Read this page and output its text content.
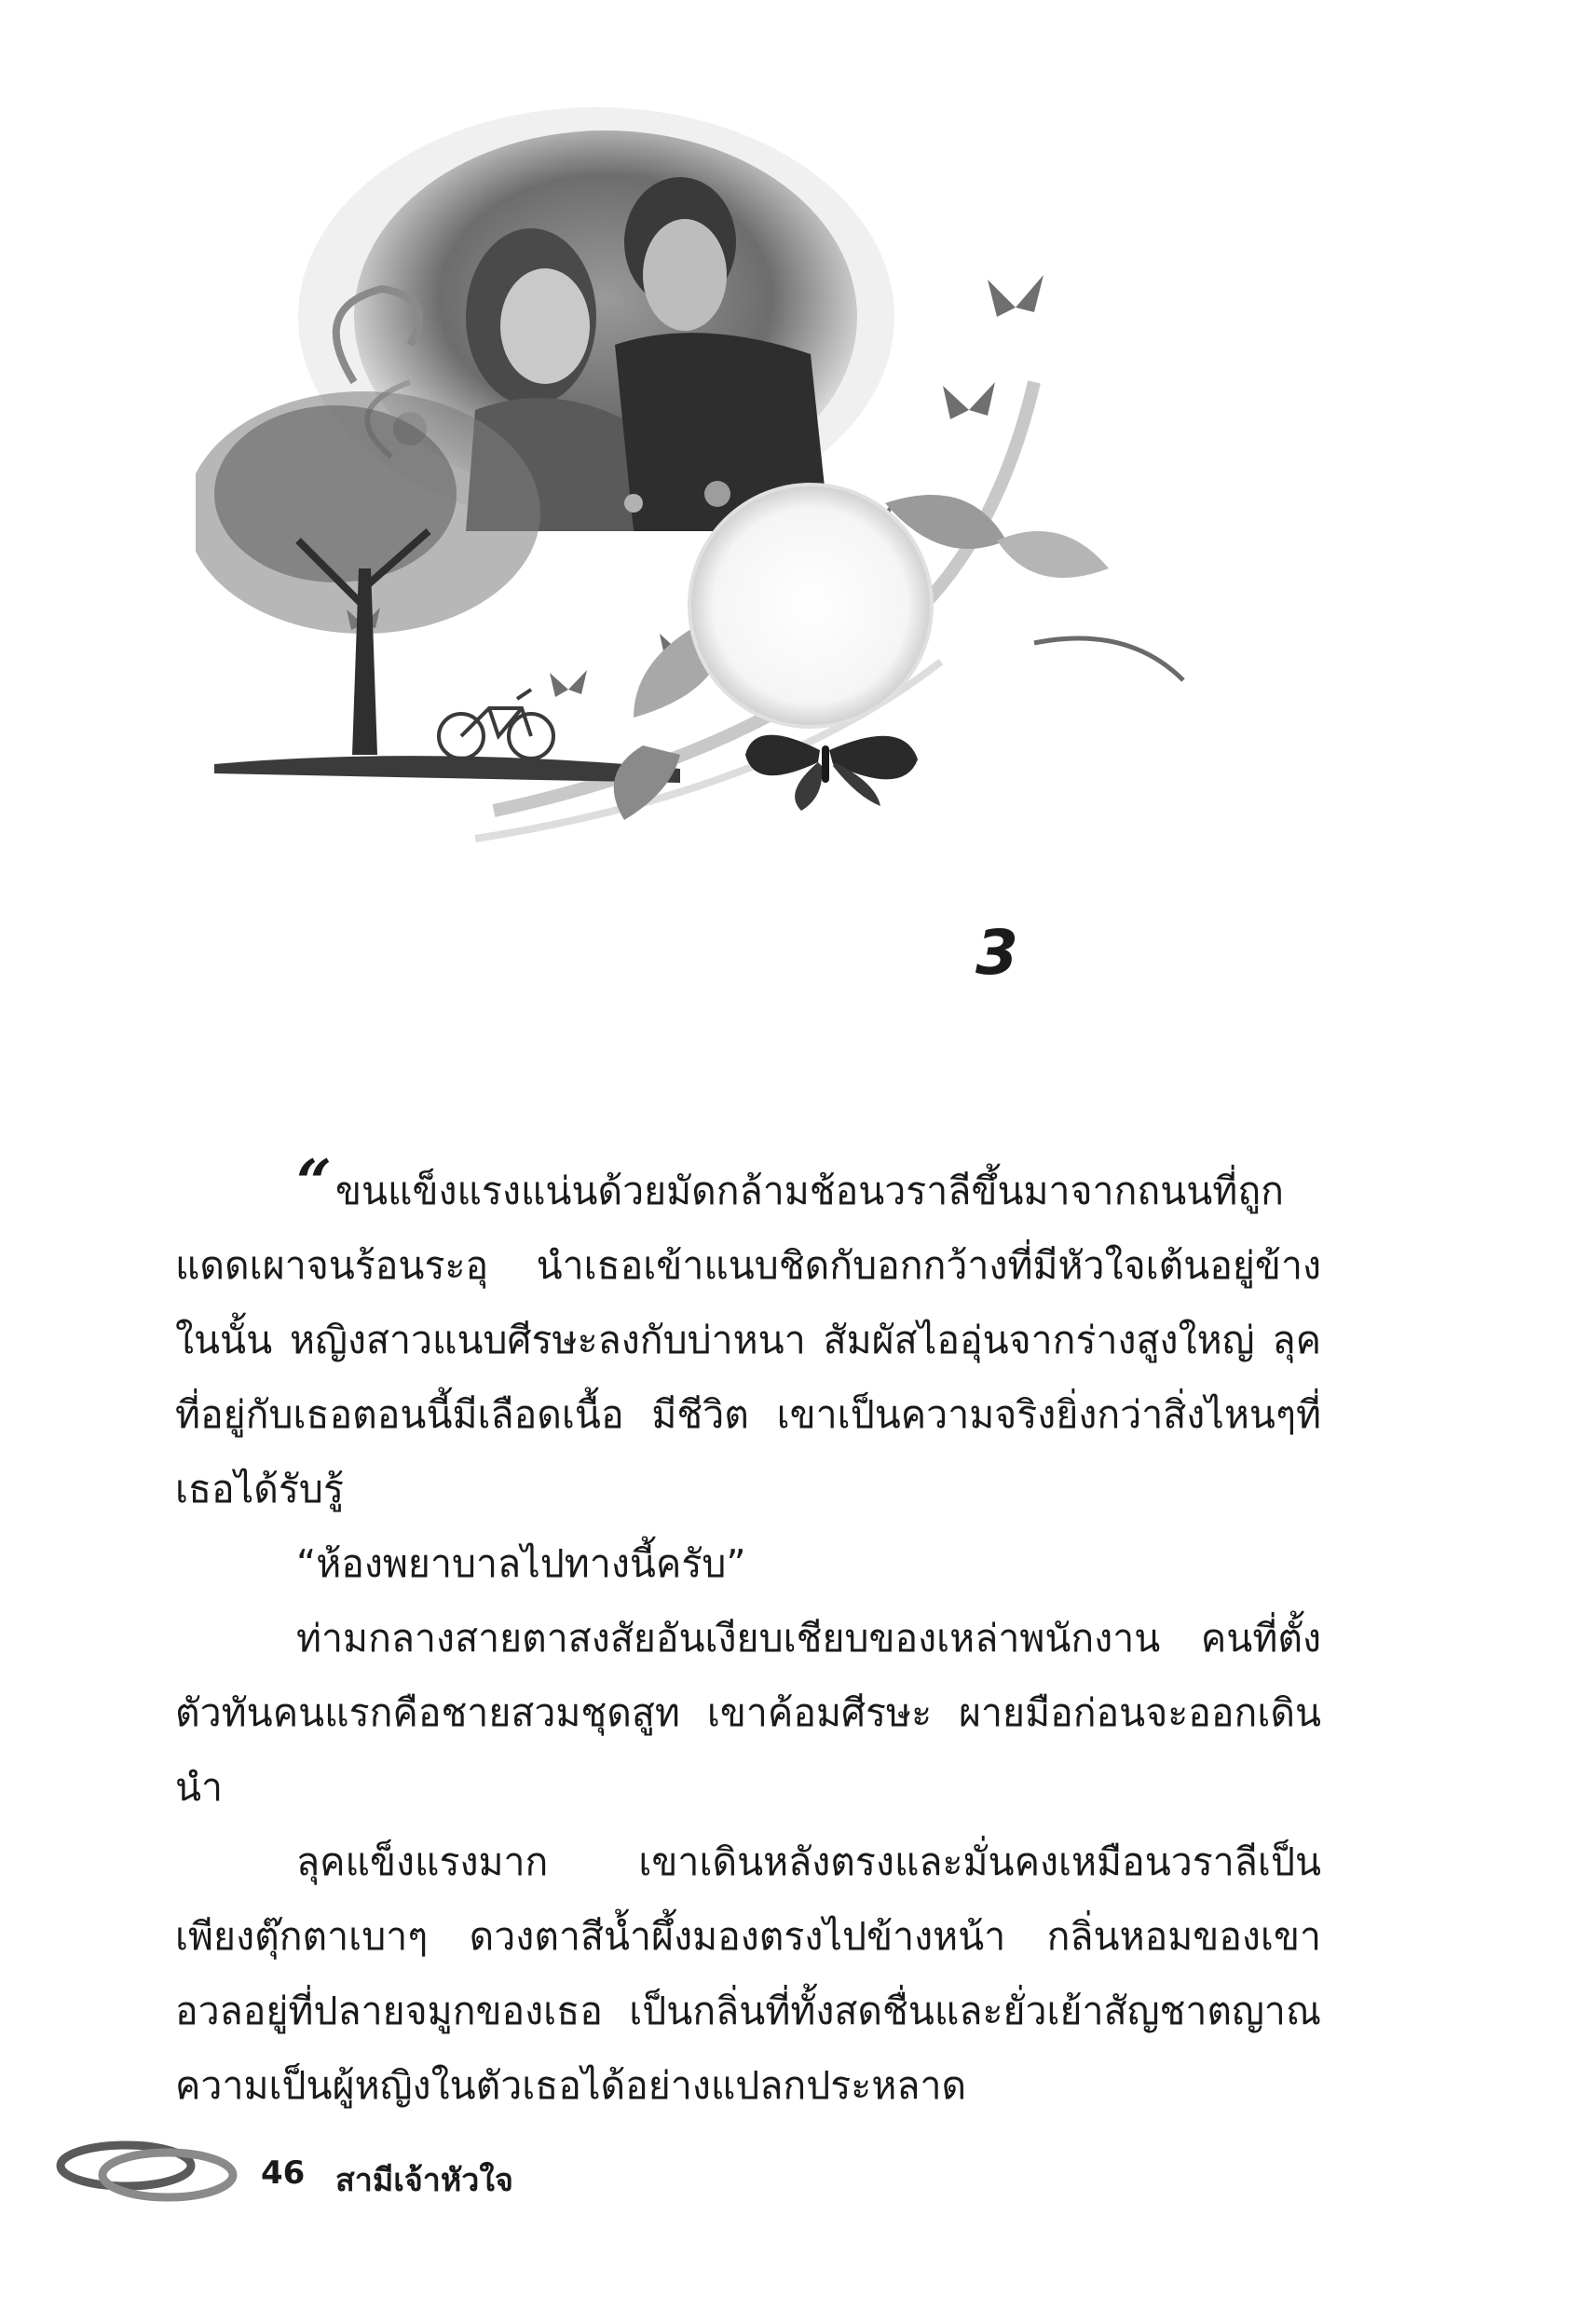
3

“ขนแข็งแรงแน่นด้วยมัดกล้ามช้อนวราลีขึ้นมาจากถนนที่ถูกแดดเผาจนร้อนระอุ นำเธอเข้าแนบชิดกับอกกว้างที่มีหัวใจเต้นอยู่ข้างในนั้น หญิงสาวแนบศีรษะลงกับบ่าหนา สัมผัสไออุ่นจากร่างสูงใหญ่ ลุคที่อยู่กับเธอตอนนี้มีเลือดเนื้อ มีชีวิต เขาเป็นความจริงยิ่งกว่าสิ่งไหนๆที่เธอได้รับรู้

“ห้องพยาบาลไปทางนี้ครับ”

ท่ามกลางสายตาสงสัยอันเงียบเชียบของเหล่าพนักงาน คนที่ตั้งตัวทันคนแรกคือชายสวมชุดสูท เขาค้อมศีรษะ ผายมือก่อนจะออกเดินนำ

ลุคแข็งแรงมาก เขาเดินหลังตรงและมั่นคงเหมือนวราลีเป็นเพียงตุ๊กตาเบาๆ ดวงตาสีน้ำผึ้งมองตรงไปข้างหน้า กลิ่นหอมของเขาอวลอยู่ที่ปลายจมูกของเธอ เป็นกลิ่นที่ทั้งสดชื่นและยั่วเย้าสัญชาตญาณความเป็นผู้หญิงในตัวเธอได้อย่างแปลกประหลาด

46 สามีเจ้าหัวใจ
